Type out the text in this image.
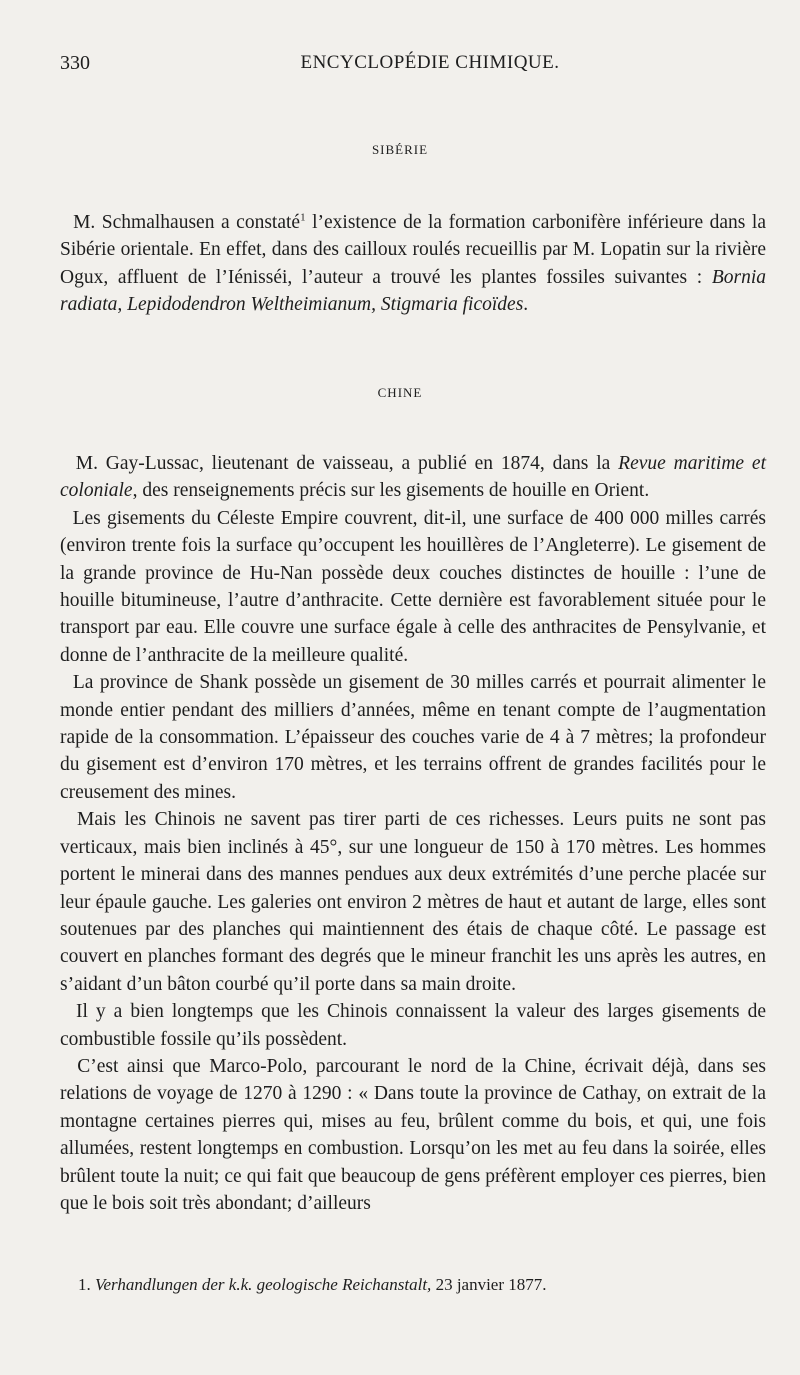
330	ENCYCLOPÉDIE CHIMIQUE.
SIBÉRIE

M. Schmalhausen a constaté$^1$ l’existence de la formation carbonifère inférieure dans la Sibérie orientale. En effet, dans des cailloux roulés recueillis par M. Lopatin sur la rivière Ogux, affluent de l’Iénisséi, l’auteur a trouvé les plantes fossiles suivantes : Bornia radiata, Lepidodendron Weltheimianum, Stigmaria ficoïdes.

CHINE

M. Gay-Lussac, lieutenant de vaisseau, a publié en 1874, dans la Revue maritime et coloniale, des renseignements précis sur les gisements de houille en Orient.

Les gisements du Céleste Empire couvrent, dit-il, une surface de 400 000 milles carrés (environ trente fois la surface qu’occupent les houillères de l’Angleterre). Le gisement de la grande province de Hu-Nan possède deux couches distinctes de houille : l’une de houille bitumineuse, l’autre d’anthracite. Cette dernière est favorablement située pour le transport par eau. Elle couvre une surface égale à celle des anthracites de Pensylvanie, et donne de l’anthracite de la meilleure qualité.

La province de Shank possède un gisement de 30 milles carrés et pourrait alimenter le monde entier pendant des milliers d’années, même en tenant compte de l’augmentation rapide de la consommation. L’épaisseur des couches varie de 4 à 7 mètres; la profondeur du gisement est d’environ 170 mètres, et les terrains offrent de grandes facilités pour le creusement des mines.

Mais les Chinois ne savent pas tirer parti de ces richesses. Leurs puits ne sont pas verticaux, mais bien inclinés à 45°, sur une longueur de 150 à 170 mètres. Les hommes portent le minerai dans des mannes pendues aux deux extrémités d’une perche placée sur leur épaule gauche. Les galeries ont environ 2 mètres de haut et autant de large, elles sont soutenues par des planches qui maintiennent des étais de chaque côté. Le passage est couvert en planches formant des degrés que le mineur franchit les uns après les autres, en s’aidant d’un bâton courbé qu’il porte dans sa main droite.

Il y a bien longtemps que les Chinois connaissent la valeur des larges gisements de combustible fossile qu’ils possèdent.

C’est ainsi que Marco-Polo, parcourant le nord de la Chine, écrivait déjà, dans ses relations de voyage de 1270 à 1290 : « Dans toute la province de Cathay, on extrait de la montagne certaines pierres qui, mises au feu, brûlent comme du bois, et qui, une fois allumées, restent longtemps en combustion. Lorsqu’on les met au feu dans la soirée, elles brûlent toute la nuit; ce qui fait que beaucoup de gens préfèrent employer ces pierres, bien que le bois soit très abondant; d’ailleurs

1. Verhandlungen der k.k. geologische Reichanstalt, 23 janvier 1877.
